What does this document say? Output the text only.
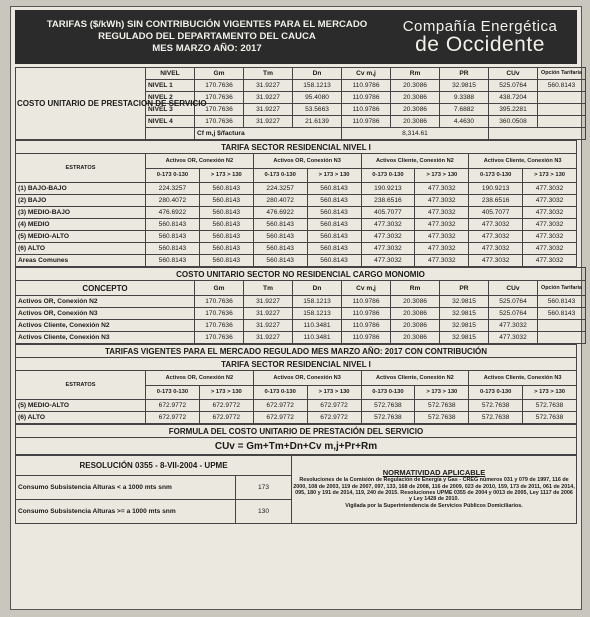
TARIFAS ($/kWh) SIN CONTRIBUCIÓN VIGENTES PARA EL MERCADO
REGULADO DEL DEPARTAMENTO DEL CAUCA
MES MARZO AÑO: 2017
Compañía Energética
de Occidente
COSTO UNITARIO DE PRESTACION DE SERVICIO	NIVEL	Gm	Tm	Dn	Cv m,j	Rm	PR	CUv	Opción Tarifaria
	NIVEL 1	170.7636	31.9227	158.1213	110.9786	20.3086	32.9815	525.0764	560.8143
	NIVEL 2	170.7636	31.9227	95.4080	110.9786	20.3086	9.3388	438.7204	
	NIVEL 3	170.7636	31.9227	53.5663	110.9786	20.3086	7.6882	395.2281	
	NIVEL 4	170.7636	31.9227	21.6139	110.9786	20.3086	4.4630	360.0508	
		Cf m,j $/factura			8,314.61				
TARIFA SECTOR RESIDENCIAL NIVEL I								
ESTRATOS	Activos OR, Conexión N2		Activos OR, Conexión N3		Activos Cliente, Conexión N2		Activos Cliente, Conexión N3	
	0-173 0-130	> 173 > 130	0-173 0-130	> 173 > 130	0-173 0-130	> 173 > 130	0-173 0-130	> 173 > 130
(1) BAJO-BAJO	224.3257	560.8143	224.3257	560.8143	190.9213	477.3032	190.9213	477.3032
(2) BAJO	280.4072	560.8143	280.4072	560.8143	238.6516	477.3032	238.6516	477.3032
(3) MEDIO-BAJO	476.6922	560.8143	476.6922	560.8143	405.7077	477.3032	405.7077	477.3032
(4) MEDIO	560.8143	560.8143	560.8143	560.8143	477.3032	477.3032	477.3032	477.3032
(5) MEDIO-ALTO	560.8143	560.8143	560.8143	560.8143	477.3032	477.3032	477.3032	477.3032
(6) ALTO	560.8143	560.8143	560.8143	560.8143	477.3032	477.3032	477.3032	477.3032
Areas Comunes	560.8143	560.8143	560.8143	560.8143	477.3032	477.3032	477.3032	477.3032
COSTO UNITARIO SECTOR NO RESIDENCIAL CARGO MONOMIO								
CONCEPTO	Gm	Tm	Dn	Cv m,j	Rm	PR	CUv	Opción Tarifaria
Activos OR, Conexión N2	170.7636	31.9227	158.1213	110.9786	20.3086	32.9815	525.0764	560.8143
Activos OR, Conexión N3	170.7636	31.9227	158.1213	110.9786	20.3086	32.9815	525.0764	560.8143
Activos Cliente, Conexión N2	170.7636	31.9227	110.3481	110.9786	20.3086	32.9815	477.3032	
Activos Cliente, Conexión N3	170.7636	31.9227	110.3481	110.9786	20.3086	32.9815	477.3032	
TARIFAS VIGENTES PARA EL MERCADO REGULADO MES MARZO AÑO: 2017 CON CONTRIBUCIÓN								
TARIFA SECTOR RESIDENCIAL NIVEL I								
ESTRATOS	Activos OR, Conexión N2		Activos OR, Conexión N3		Activos Cliente, Conexión N2		Activos Cliente, Conexión N3	
	0-173 0-130	> 173 > 130	0-173 0-130	> 173 > 130	0-173 0-130	> 173 > 130	0-173 0-130	> 173 > 130
(5) MEDIO-ALTO	672.9772	672.9772	672.9772	672.9772	572.7638	572.7638	572.7638	572.7638
(6) ALTO	672.9772	672.9772	672.9772	672.9772	572.7638	572.7638	572.7638	572.7638
FORMULA DEL COSTO UNITARIO DE PRESTACIÓN DEL SERVICIO
CUv = Gm+Tm+Dn+Cv m,j+Pr+Rm
RESOLUCIÓN 0355 - 8-VII-2004 - UPME		NORMATIVIDAD APLICABLE
Resoluciones de la Comisión de Regulación de Energía y Gas - CREG números 031 y 079 de 1997, 116 de 2000, 108 de 2003, 119 de 2007, 097, 133, 168 de 2008, 116 de 2009, 023 de 2010, 159, 173 de 2011, 061 de 2014, 095, 180 y 191 de 2014, 119, 240 de 2015. Resoluciones UPME 0355 de 2004 y 0013 de 2005, Ley 1117 de 2006 y Ley 1428 de 2010.
Vigilada por la Superintendencia de Servicios Públicos Domiciliarios.

Consumo Subsistencia Alturas < a 1000 mts snm	173	
Consumo Subsistencia Alturas >= a 1000 mts snm	130	
